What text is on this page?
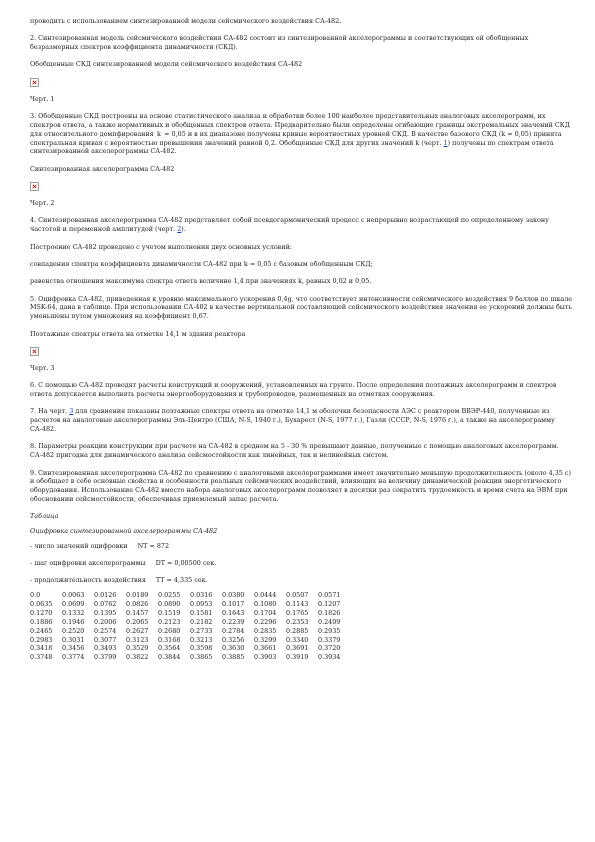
проводить с использованием синтезированной модели сейсмического воздействия СА-482.

2. Синтезированная модель сейсмического воздействия СА-482 состоит из синтезированной акселерограммы и соответствующих ей обобщенных безразмерных спектров коэффициента динамичности (СКД).

Обобщенные СКД синтезированной модели сейсмического воздействия СА-482

Черт. 1

3. Обобщенные СКД построены на основе статистического анализа и обработки более 100 наиболее представительных аналоговых акселерограмм, их спектров ответа, а также нормативных и обобщенных спектров ответа. Предварительно были определены огибающие границы экстремальных значений СКД для относительного демпфирования  k  = 0,05 и в их диапазоне получены кривые вероятностных уровней СКД. В качестве базового СКД (k = 0,05) принята спектральная кривая с вероятностью превышения значений равной 0,2. Обобщенные СКД для других значений k (черт. 1) получены по спектрам ответа синтезированной акселерограммы СА-482.

Синтезированная акселерограмма СА-482

Черт. 2

4. Синтезированная акселерограмма СА-482 представляет собой псевдогармонический процесс с непрерывно возрастающей по определенному закону частотой и переменной амплитудой (черт. 2).

Построение СА-482 проведено с учетом выполнения двух основных условий:

совпадения спектра коэффициента динамичности СА-482 при k = 0,05 с базовым обобщенным СКД;

равенства отношения максимума спектра ответа величине 1,4 при значениях k, равных 0,02 и 0,05.

5. Оцифровка СА-482, приведенная к уровню максимального ускорения 0,4g, что соответствует интенсивности сейсмического воздействия 9 баллов по шкале MSK-64, дана в таблице. При использовании СА-482 в качестве вертикальной составляющей сейсмического воздействия значения ее ускорений должны быть уменьшены путем умножения на коэффициент 0,67.

Поэтажные спектры ответа на отметке 14,1 м здания реактора

Черт. 3

6. С помощью СА-482 проводят расчеты конструкций и сооружений, установленных на грунте. После определения поэтажных акселерограмм и спектров ответа допускается выполнять расчеты энергооборудования и трубопроводов, размещенных на отметках сооружения.

7. На черт. 3 для сравнения показаны поэтажные спектры ответа на отметке 14,1 м оболочки безопасности АЭС с реактором ВВЭР-440, полученные из расчетов на аналоговые акселерограммы Эль-Центро (США, N-S, 1940 г.), Бухарест (N-S, 1977 г.), Газли (СССР, N-S, 1976 г.), а также на акселерограмму СА-482.

8. Параметры реакции конструкции при расчете на СА-482 в среднем на 5 - 30 % превышают данные, полученные с помощью аналоговых акселерограмм. СА-482 пригодна для динамического анализа сейсмостойкости как линейных, так и нелинейных систем.

9. Синтезированная акселерограмма СА-482 по сравнению с аналоговыми акселерограммами имеет значительно меньшую продолжительность (около 4,35 с) и обобщает в себе основные свойства и особенности реальных сейсмических воздействий, влияющих на величину динамической реакции энергетического оборудования. Использование СА-482 вместо набора аналоговых акселерограмм позволяет в десятки раз сократить трудоемкость и время счета на ЭВМ при обосновании сейсмостойкости, обеспечивая приемлемый запас расчета.

Таблица

Оцифровка синтезированной акселерограммы СА-482

- число значений оцифровки NT = 872

- шаг оцифровки акселерограммы DT = 0,00500 сек.

- продолжительность воздействия TT = 4,335 сек.

0.0	0.0063	0.0126	0.0189	0.0255	0.0316	0.0380	0.0444	0.0507	0.0571
0.0635	0.0699	0.0762	0.0826	0.0890	0.0953	0.1017	0.1080	0.1143	0.1207
0.1270	0.1332	0.1395	0.1457	0.1519	0.1581	0.1643	0.1704	0.1765	0.1826
0.1886	0.1946	0.2006	0.2065	0.2123	0.2182	0.2239	0.2296	0.2353	0.2409
0.2465	0.2520	0.2574	0.2627	0.2680	0.2733	0.2784	0.2835	0.2885	0.2935
0.2983	0.3031	0.3077	0.3123	0.3168	0.3213	0.3256	0.3299	0.3340	0.3379
0.3418	0.3456	0.3493	0.3529	0.3564	0.3598	0.3630	0.3661	0.3691	0.3720
0.3748	0.3774	0.3799	0.3822	0.3844	0.3865	0.3885	0.3903	0.3919	0.3934
